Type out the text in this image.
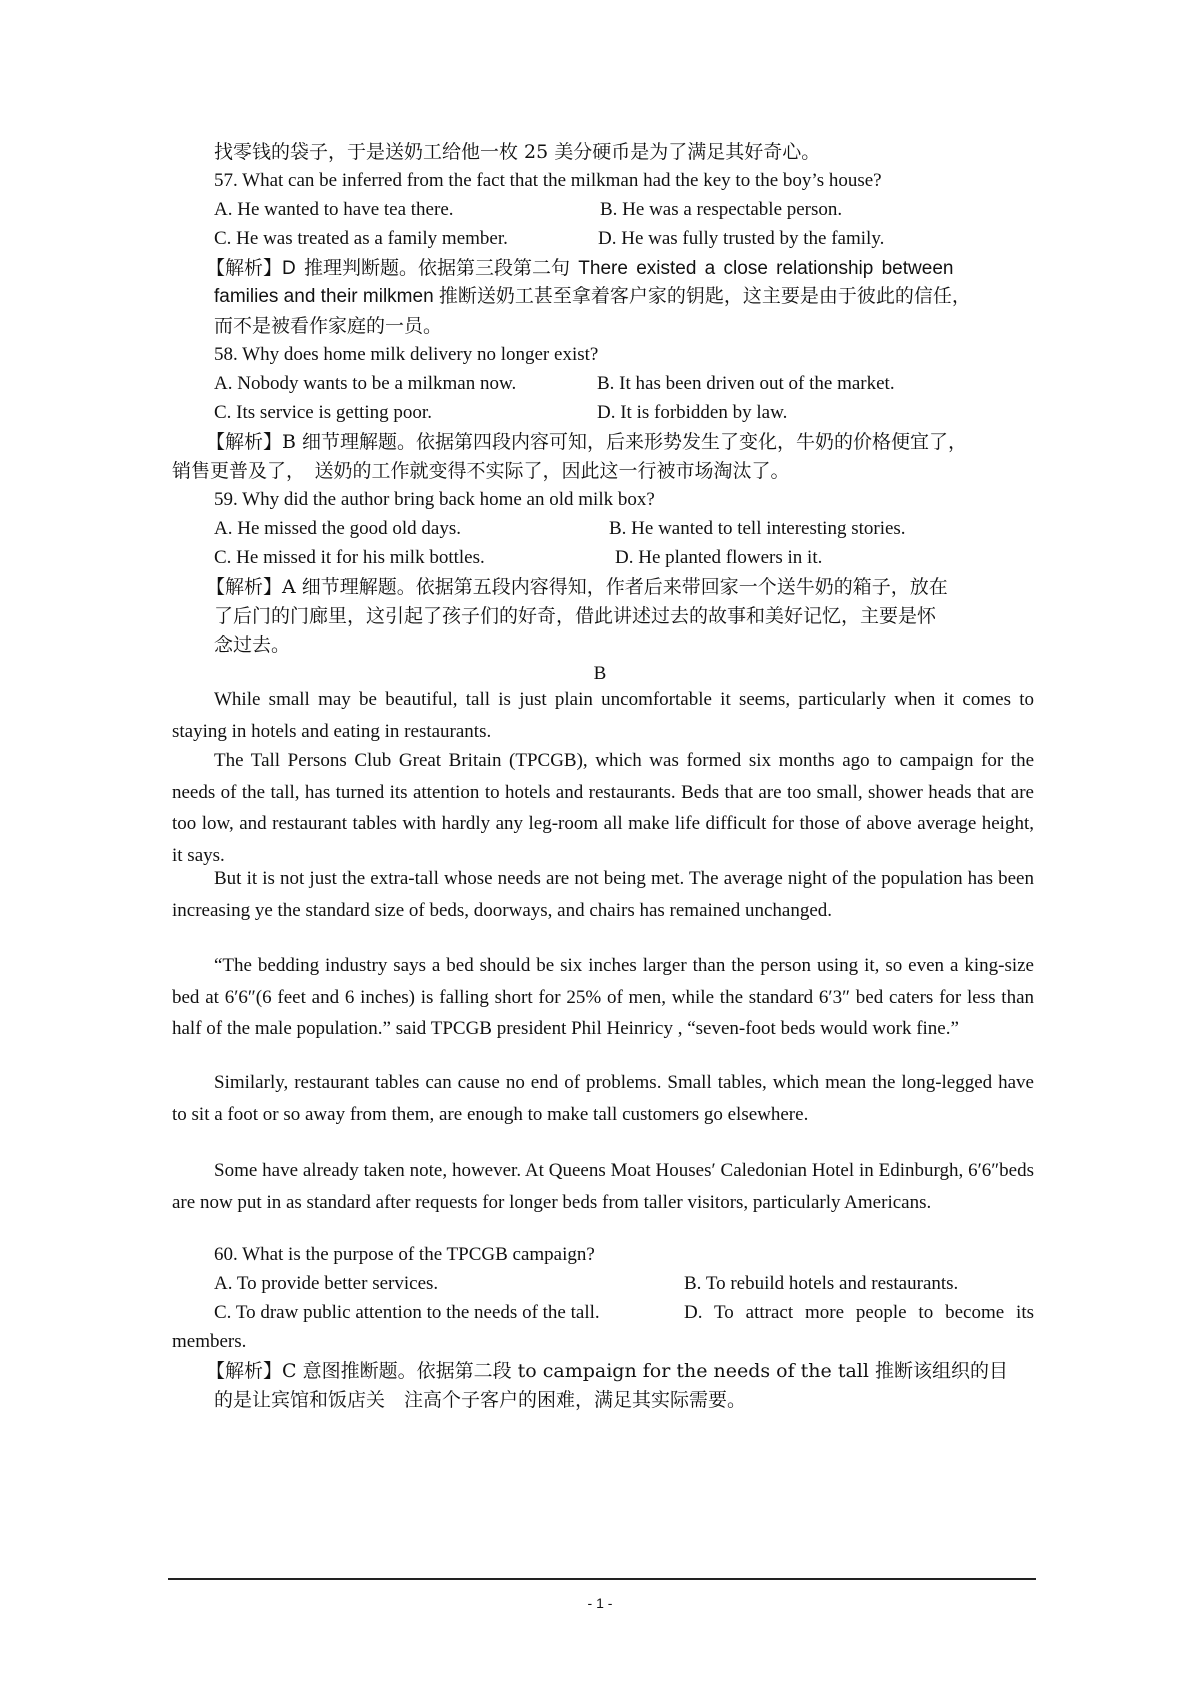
找零钱的袋子，于是送奶工给他一枚 25 美分硬币是为了满足其好奇心。
57. What can be inferred from the fact that the milkman had the key to the boy’s house?
A. He wanted to have tea there.	B. He was a respectable person.
C. He was treated as a family member.	D. He was fully trusted by the family.
【解析】D 推理判断题。依据第三段第二句 There existed a close relationship between
families and their milkmen 推断送奶工甚至拿着客户家的钥匙，这主要是由于彼此的信任，
而不是被看作家庭的一员。
58. Why does home milk delivery no longer exist?
A. Nobody wants to be a milkman now.	B. It has been driven out of the market.
C. Its service is getting poor.	D. It is forbidden by law.
【解析】B 细节理解题。依据第四段内容可知，后来形势发生了变化，牛奶的价格便宜了，
销售更普及了，　送奶的工作就变得不实际了，因此这一行被市场淘汰了。
59. Why did the author bring back home an old milk box?
A. He missed the good old days.	B. He wanted to tell interesting stories.
C. He missed it for his milk bottles.	D. He planted flowers in it.
【解析】A 细节理解题。依据第五段内容得知，作者后来带回家一个送牛奶的箱子，放在
了后门的门廊里，这引起了孩子们的好奇，借此讲述过去的故事和美好记忆，主要是怀
念过去。
B

While small may be beautiful, tall is just plain uncomfortable it seems, particularly when it comes to staying in hotels and eating in restaurants.

The Tall Persons Club Great Britain (TPCGB), which was formed six months ago to campaign for the needs of the tall, has turned its attention to hotels and restaurants. Beds that are too small, shower heads that are too low, and restaurant tables with hardly any leg-room all make life difficult for those of above average height, it says.

But it is not just the extra-tall whose needs are not being met. The average night of the population has been increasing ye the standard size of beds, doorways, and chairs has remained unchanged.

“The bedding industry says a bed should be six inches larger than the person using it, so even a king-size bed at 6′6″(6 feet and 6 inches) is falling short for 25% of men, while the standard 6′3″ bed caters for less than half of the male population.” said TPCGB president Phil Heinricy , “seven-foot beds would work fine.”

Similarly, restaurant tables can cause no end of problems. Small tables, which mean the long-legged have to sit a foot or so away from them, are enough to make tall customers go elsewhere.

Some have already taken note, however. At Queens Moat Houses′ Caledonian Hotel in Edinburgh, 6′6″beds are now put in as standard after requests for longer beds from taller visitors, particularly Americans.

60. What is the purpose of the TPCGB campaign?
A. To provide better services.	B. To rebuild hotels and restaurants.
C. To draw public attention to the needs of the tall.	D. To attract more people to become its
members.
【解析】C 意图推断题。依据第二段 to campaign for the needs of the tall 推断该组织的目
的是让宾馆和饭店关　注高个子客户的困难，满足其实际需要。
- 1 -
